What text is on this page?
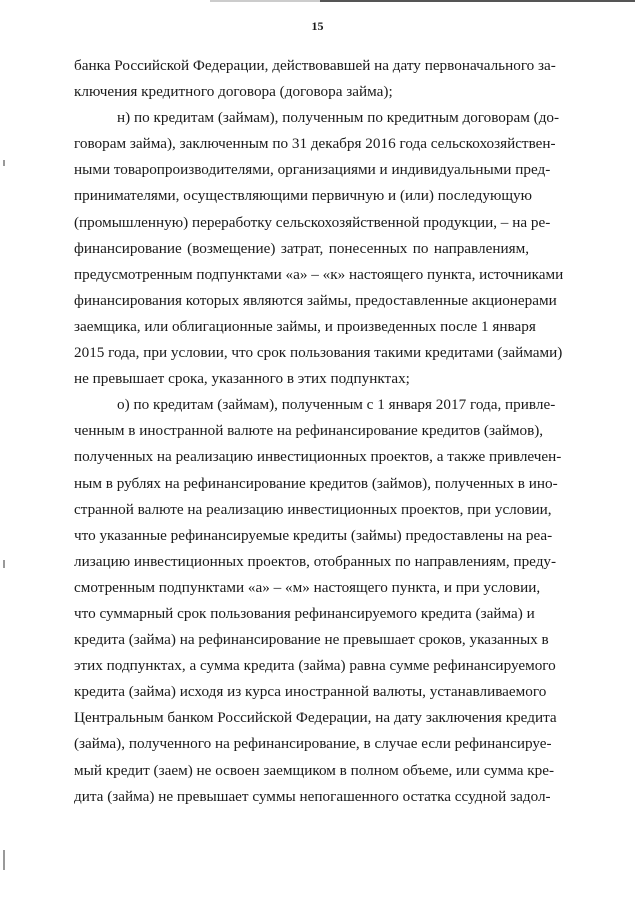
15
банка Российской Федерации, действовавшей на дату первоначального за-
ключения кредитного договора (договора займа);
н) по кредитам (займам), полученным по кредитным договорам (до-
говорам займа), заключенным по 31 декабря 2016 года сельскохозяйствен-
ными товаропроизводителями, организациями и индивидуальными пред-
принимателями, осуществляющими первичную и (или) последующую
(промышленную) переработку сельскохозяйственной продукции, – на ре-
финансирование (возмещение) затрат, понесенных по направлениям,
предусмотренным подпунктами «а» – «к» настоящего пункта, источниками
финансирования которых являются займы, предоставленные акционерами
заемщика, или облигационные займы, и произведенных после 1 января
2015 года, при условии, что срок пользования такими кредитами (займами)
не превышает срока, указанного в этих подпунктах;
о) по кредитам (займам), полученным с 1 января 2017 года, привле-
ченным в иностранной валюте на рефинансирование кредитов (займов),
полученных на реализацию инвестиционных проектов, а также привлечен-
ным в рублях на рефинансирование кредитов (займов), полученных в ино-
странной валюте на реализацию инвестиционных проектов, при условии,
что указанные рефинансируемые кредиты (займы) предоставлены на реа-
лизацию инвестиционных проектов, отобранных по направлениям, преду-
смотренным подпунктами «а» – «м» настоящего пункта, и при условии,
что суммарный срок пользования рефинансируемого кредита (займа) и
кредита (займа) на рефинансирование не превышает сроков, указанных в
этих подпунктах, а сумма кредита (займа) равна сумме рефинансируемого
кредита (займа) исходя из курса иностранной валюты, устанавливаемого
Центральным банком Российской Федерации, на дату заключения кредита
(займа), полученного на рефинансирование, в случае если рефинансируе-
мый кредит (заем) не освоен заемщиком в полном объеме, или сумма кре-
дита (займа) не превышает суммы непогашенного остатка ссудной задол-
